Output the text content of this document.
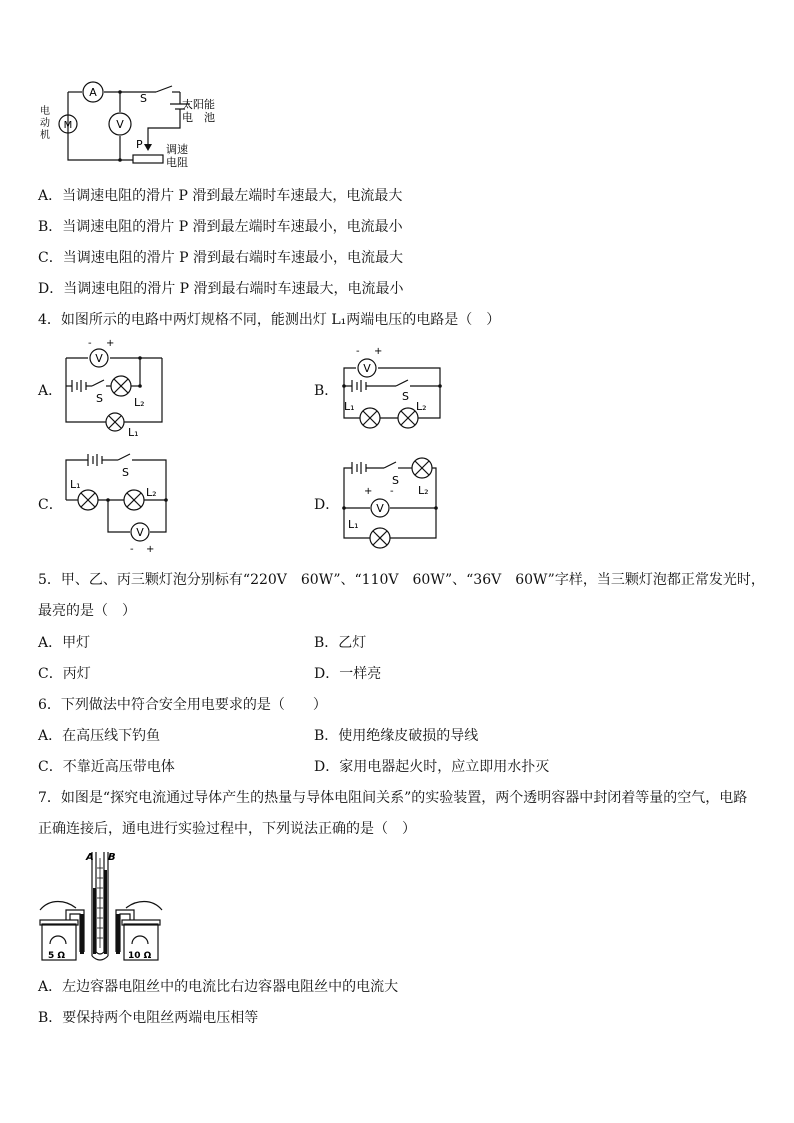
M
A
V
S
P
电
动
机
太阳能
电　池
调速
电阻
A．当调速电阻的滑片 P 滑到最左端时车速最大，电流最大
B．当调速电阻的滑片 P 滑到最左端时车速最小，电流最小
C．当调速电阻的滑片 P 滑到最右端时车速最小，电流最大
D．当调速电阻的滑片 P 滑到最右端时车速最大，电流最小
4．如图所示的电路中两灯规格不同，能测出灯 L₁两端电压的电路是（　）
A．
V
- +
S	L₂
L₁
B．
V
- +
S
L₁	L₂
C．
V
- +
S
L₁
L₂
D．	V
+ -
S
L₂
L₁
5．甲、乙、丙三颗灯泡分别标有“220V　60W”、“110V　60W”、“36V　60W”字样，当三颗灯泡都正常发光时，
最亮的是（　）
A．甲灯	B．乙灯
C．丙灯	D．一样亮
6．下列做法中符合安全用电要求的是（　　）
A．在高压线下钓鱼	B．使用绝缘皮破损的导线
C．不靠近高压带电体	D．家用电器起火时，应立即用水扑灭
7．如图是“探究电流通过导体产生的热量与导体电阻间关系”的实验装置，两个透明容器中封闭着等量的空气，电路
正确连接后，通电进行实验过程中，下列说法正确的是（　）
A B
5 Ω	10 Ω
A．左边容器电阻丝中的电流比右边容器电阻丝中的电流大
B．要保持两个电阻丝两端电压相等
